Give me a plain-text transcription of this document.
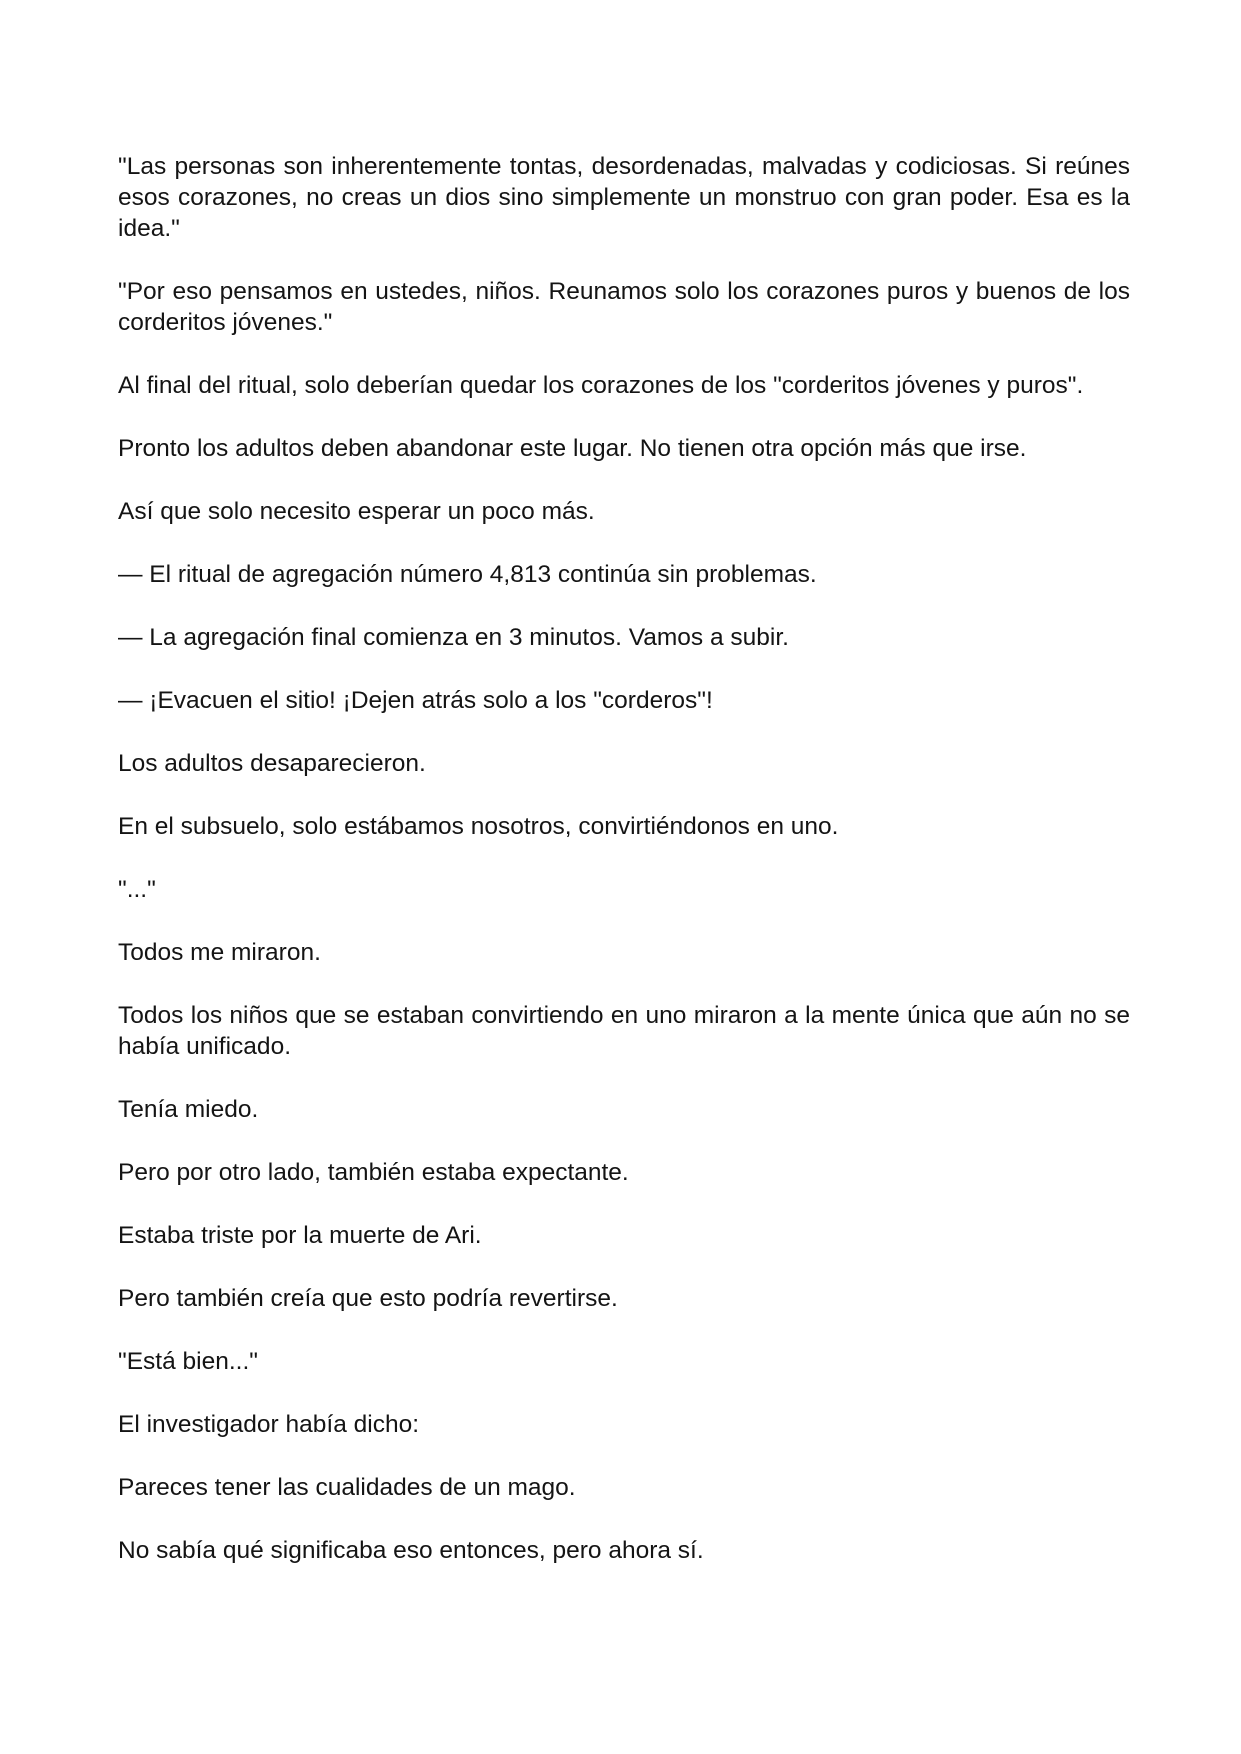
"Las personas son inherentemente tontas, desordenadas, malvadas y codiciosas. Si reúnes esos corazones, no creas un dios sino simplemente un monstruo con gran poder. Esa es la idea."

"Por eso pensamos en ustedes, niños. Reunamos solo los corazones puros y buenos de los corderitos jóvenes."

Al final del ritual, solo deberían quedar los corazones de los "corderitos jóvenes y puros".

Pronto los adultos deben abandonar este lugar. No tienen otra opción más que irse.

Así que solo necesito esperar un poco más.

— El ritual de agregación número 4,813 continúa sin problemas.

— La agregación final comienza en 3 minutos. Vamos a subir.

— ¡Evacuen el sitio! ¡Dejen atrás solo a los "corderos"!

Los adultos desaparecieron.

En el subsuelo, solo estábamos nosotros, convirtiéndonos en uno.

"..."

Todos me miraron.

Todos los niños que se estaban convirtiendo en uno miraron a la mente única que aún no se había unificado.

Tenía miedo.

Pero por otro lado, también estaba expectante.

Estaba triste por la muerte de Ari.

Pero también creía que esto podría revertirse.

"Está bien..."

El investigador había dicho:

Pareces tener las cualidades de un mago.

No sabía qué significaba eso entonces, pero ahora sí.
